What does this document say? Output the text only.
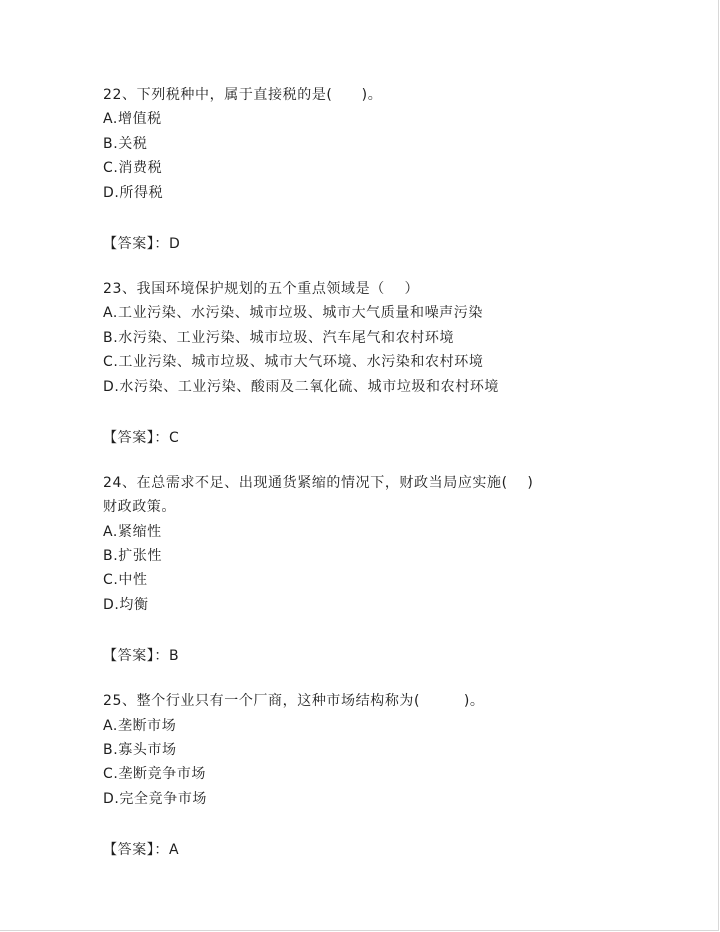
22、下列税种中，属于直接税的是(　　)。
A.增值税
B.关税
C.消费税
D.所得税
【答案】：D
23、我国环境保护规划的五个重点领域是（　 ）
A.工业污染、水污染、城市垃圾、城市大气质量和噪声污染
B.水污染、工业污染、城市垃圾、汽车尾气和农村环境
C.工业污染、城市垃圾、城市大气环境、水污染和农村环境
D.水污染、工业污染、酸雨及二氧化硫、城市垃圾和农村环境
【答案】：C
24、在总需求不足、出现通货紧缩的情况下，财政当局应实施(　 )
财政政策。
A.紧缩性
B.扩张性
C.中性
D.均衡
【答案】：B
25、整个行业只有一个厂商，这种市场结构称为(　　　)。
A.垄断市场
B.寡头市场
C.垄断竞争市场
D.完全竞争市场
【答案】：A
